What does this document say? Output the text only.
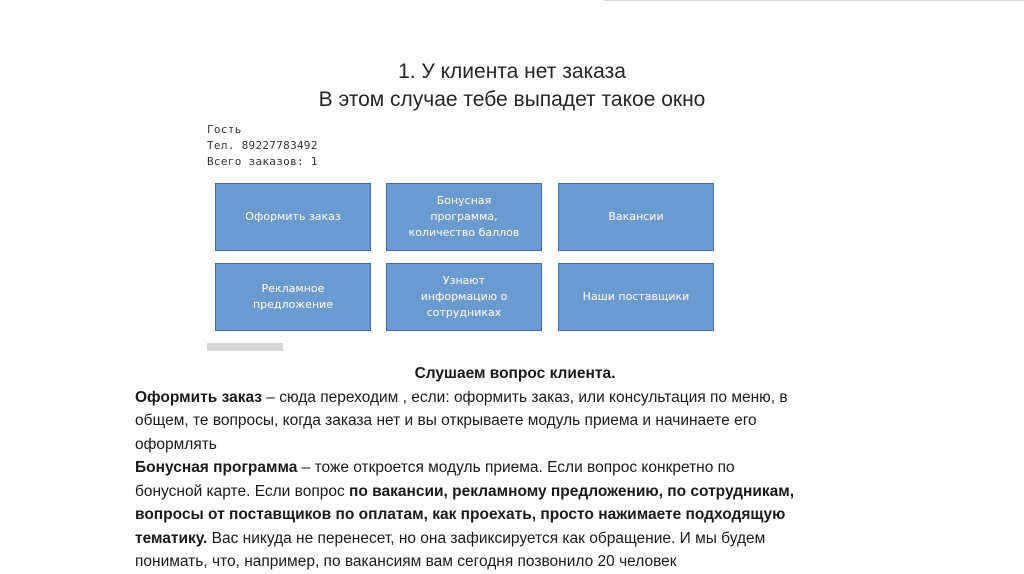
1. У клиента нет заказа
В этом случае тебе выпадет такое окно
Гость
Тел. 89227783492
Всего заказов: 1
Оформить заказ
Бонусная
программа,
количество баллов
Вакансии
Рекламное
предложение
Узнают
информацию о
сотрудниках
Наши поставщики
Слушаем вопрос клиента.
Оформить заказ – сюда переходим , если: оформить заказ, или консультация по меню, в
общем, те вопросы, когда заказа нет и вы открываете модуль приема и начинаете его
оформлять
Бонусная программа – тоже откроется модуль приема. Если вопрос конкретно по
бонусной карте. Если вопрос по вакансии, рекламному предложению, по сотрудникам,
вопросы от поставщиков по оплатам, как проехать, просто нажимаете подходящую
тематику. Вас никуда не перенесет, но она зафиксируется как обращение. И мы будем
понимать, что, например, по вакансиям вам сегодня позвонило 20 человек
